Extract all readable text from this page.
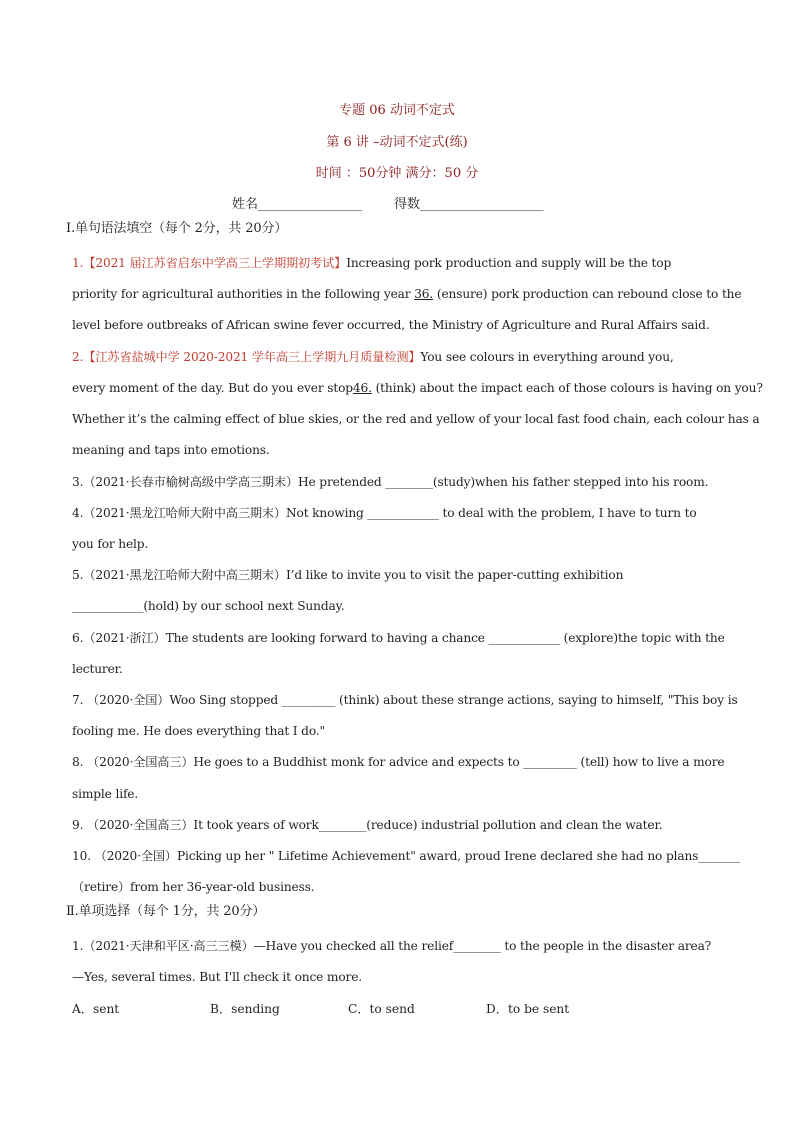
专题 06 动词不定式
第 6 讲 –动词不定式(练)
时间 ：50分钟 满分：50 分
姓名________________ 得数___________________
Ⅰ.单句语法填空（每个 2分，共 20分）
1.【2021 届江苏省启东中学高三上学期期初考试】Increasing pork production and supply will be the top
priority for agricultural authorities in the following year 36. (ensure) pork production can rebound close to the
level before outbreaks of African swine fever occurred, the Ministry of Agriculture and Rural Affairs said.
2.【江苏省盐城中学 2020-2021 学年高三上学期九月质量检测】You see colours in everything around you,
every moment of the day. But do you ever stop46. (think) about the impact each of those colours is having on you?
Whether it’s the calming effect of blue skies, or the red and yellow of your local fast food chain, each colour has a
meaning and taps into emotions.
3.（2021·长春市榆树高级中学高三期末）He pretended ________(study)when his father stepped into his room.
4.（2021·黑龙江哈师大附中高三期末）Not knowing ____________ to deal with the problem, I have to turn to
you for help.
5.（2021·黑龙江哈师大附中高三期末）I’d like to invite you to visit the paper-cutting exhibition
____________(hold) by our school next Sunday.
6.（2021·浙江）The students are looking forward to having a chance ____________ (explore)the topic with the
lecturer.
7. （2020·全国）Woo Sing stopped _________ (think) about these strange actions, saying to himself, "This boy is
fooling me. He does everything that I do."
8. （2020·全国高三）He goes to a Buddhist monk for advice and expects to _________ (tell) how to live a more
simple life.
9. （2020·全国高三）It took years of work________(reduce) industrial pollution and clean the water.
10. （2020·全国）Picking up her " Lifetime Achievement" award, proud Irene declared she had no plans_______
（retire）from her 36-year-old business.
Ⅱ.单项选择（每个 1分，共 20分）
1.（2021·天津和平区·高三三模）—Have you checked all the relief________ to the people in the disaster area?
—Yes, several times. But I'll check it once more.
A．sent	B．sending	C．to send	D．to be sent
